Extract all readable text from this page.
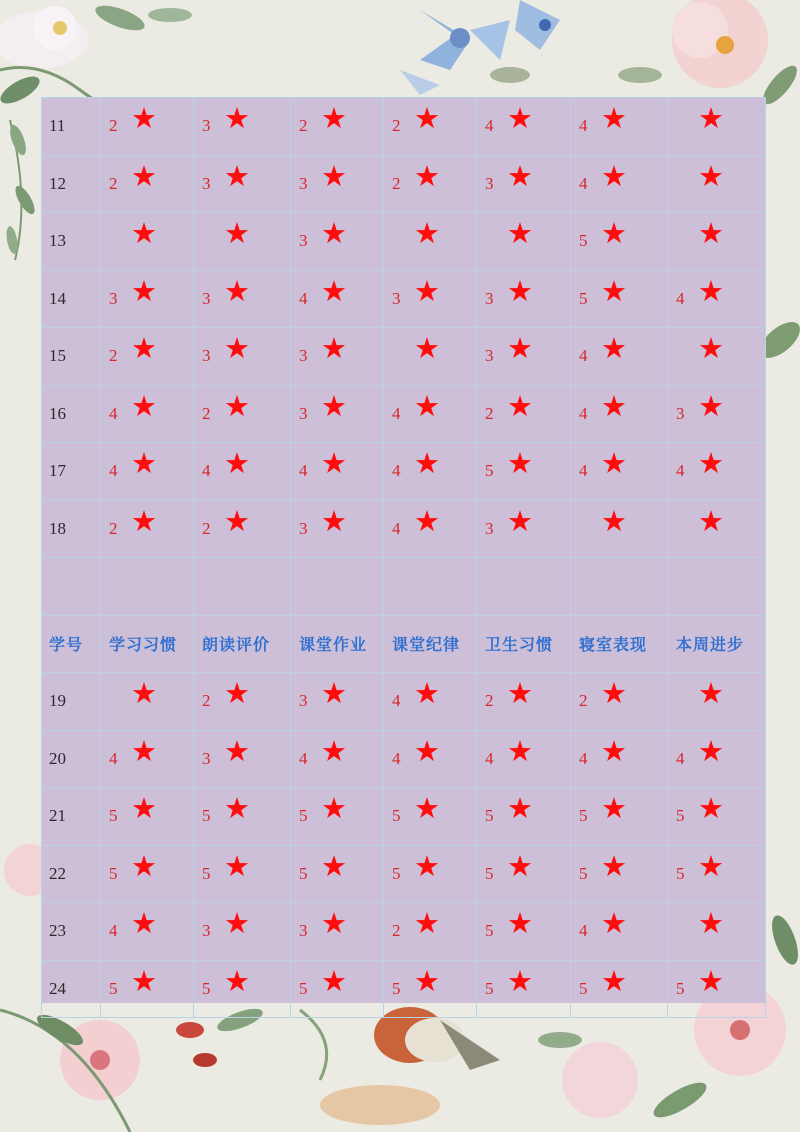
11	2 ★	3 ★	2 ★	2 ★	4 ★	4 ★	★

12	2 ★	3 ★	3 ★	2 ★	3 ★	4 ★	★

13	★	★	3 ★	★	★	5 ★	★

14	3 ★	3 ★	4 ★	3 ★	3 ★	5 ★	4 ★

15	2 ★	3 ★	3 ★	★	3 ★	4 ★	★

16	4 ★	2 ★	3 ★	4 ★	2 ★	4 ★	3 ★

17	4 ★	4 ★	4 ★	4 ★	5 ★	4 ★	4 ★

18	2 ★	2 ★	3 ★	4 ★	3 ★	★	★

学号	学习习惯	朗读评价	课堂作业	课堂纪律	卫生习惯	寝室表现	本周进步
19	★	2 ★	3 ★	4 ★	2 ★	2 ★	★

20	4 ★	3 ★	4 ★	4 ★	4 ★	4 ★	4 ★

21	5 ★	5 ★	5 ★	5 ★	5 ★	5 ★	5 ★

22	5 ★	5 ★	5 ★	5 ★	5 ★	5 ★	5 ★

23	4 ★	3 ★	3 ★	2 ★	5 ★	4 ★	★

24	5 ★	5 ★	5 ★	5 ★	5 ★	5 ★	5 ★
